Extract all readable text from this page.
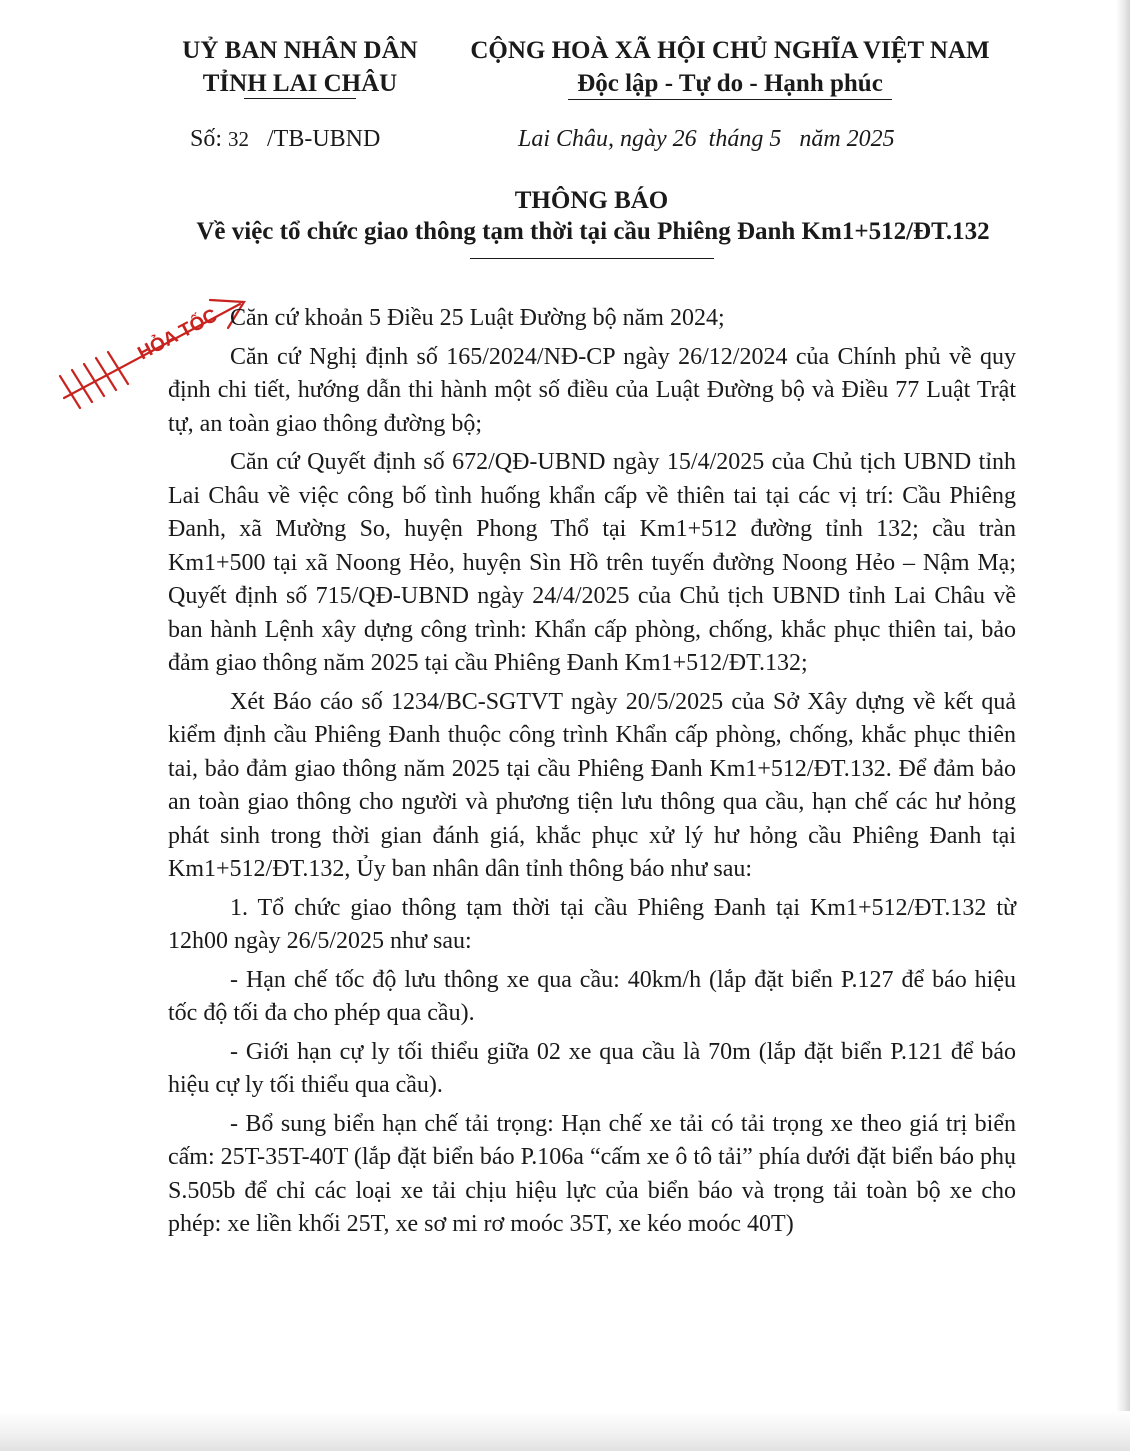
UỶ BAN NHÂN DÂN
TỈNH LAI CHÂU
CỘNG HOÀ XÃ HỘI CHỦ NGHĨA VIỆT NAM
Độc lập - Tự do - Hạnh phúc
Số: 32 /TB-UBND	Lai Châu, ngày 26  tháng 5   năm 2025
THÔNG BÁO
Về việc tổ chức giao thông tạm thời tại cầu Phiêng Đanh Km1+512/ĐT.132
HỎA TỐC Căn cứ khoản 5 Điều 25 Luật Đường bộ năm 2024;

Căn cứ Nghị định số 165/2024/NĐ-CP ngày 26/12/2024 của Chính phủ về quy định chi tiết, hướng dẫn thi hành một số điều của Luật Đường bộ và Điều 77 Luật Trật tự, an toàn giao thông đường bộ;

Căn cứ Quyết định số 672/QĐ-UBND ngày 15/4/2025 của Chủ tịch UBND tỉnh Lai Châu về việc công bố tình huống khẩn cấp về thiên tai tại các vị trí: Cầu Phiêng Đanh, xã Mường So, huyện Phong Thổ tại Km1+512 đường tỉnh 132; cầu tràn Km1+500 tại xã Noong Hẻo, huyện Sìn Hồ trên tuyến đường Noong Hẻo – Nậm Mạ; Quyết định số 715/QĐ-UBND ngày 24/4/2025 của Chủ tịch UBND tỉnh Lai Châu về ban hành Lệnh xây dựng công trình: Khẩn cấp phòng, chống, khắc phục thiên tai, bảo đảm giao thông năm 2025 tại cầu Phiêng Đanh Km1+512/ĐT.132;

Xét Báo cáo số 1234/BC-SGTVT ngày 20/5/2025 của Sở Xây dựng về kết quả kiểm định cầu Phiêng Đanh thuộc công trình Khẩn cấp phòng, chống, khắc phục thiên tai, bảo đảm giao thông năm 2025 tại cầu Phiêng Đanh Km1+512/ĐT.132. Để đảm bảo an toàn giao thông cho người và phương tiện lưu thông qua cầu, hạn chế các hư hỏng phát sinh trong thời gian đánh giá, khắc phục xử lý hư hỏng cầu Phiêng Đanh tại Km1+512/ĐT.132, Ủy ban nhân dân tỉnh thông báo như sau:

1. Tổ chức giao thông tạm thời tại cầu Phiêng Đanh tại Km1+512/ĐT.132 từ 12h00 ngày 26/5/2025 như sau:

- Hạn chế tốc độ lưu thông xe qua cầu: 40km/h (lắp đặt biển P.127 để báo hiệu tốc độ tối đa cho phép qua cầu).

- Giới hạn cự ly tối thiểu giữa 02 xe qua cầu là 70m (lắp đặt biển P.121 để báo hiệu cự ly tối thiểu qua cầu).

- Bổ sung biển hạn chế tải trọng: Hạn chế xe tải có tải trọng xe theo giá trị biển cấm: 25T-35T-40T (lắp đặt biển báo P.106a “cấm xe ô tô tải” phía dưới đặt biển báo phụ S.505b để chỉ các loại xe tải chịu hiệu lực của biển báo và trọng tải toàn bộ xe cho phép: xe liền khối 25T, xe sơ mi rơ moóc 35T, xe kéo moóc 40T)
